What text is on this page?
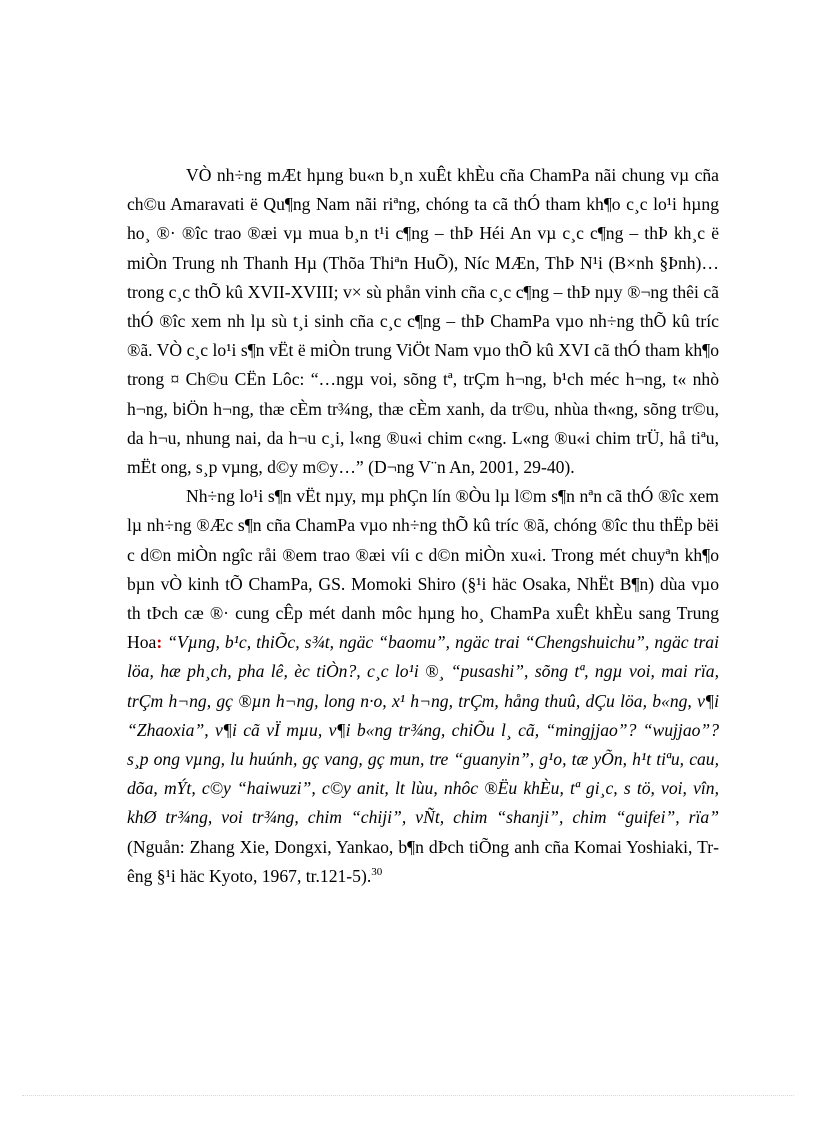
VÒ nh÷ng mÆt hµng bu«n b¸n xuÊt khÈu cña ChamPa nãi chung vµ cña ch©u Amaravati ë Qu¶ng Nam nãi riªng, chóng ta cã thÓ tham kh¶o c¸c lo¹i hµng ho¸ ®· ®îc trao ®æi vµ mua b¸n t¹i c¶ng – thÞ Héi An vµ c¸c c¶ng – thÞ kh¸c ë miÒn Trung nh Thanh Hµ (Thõa Thiªn HuÕ), Níc MÆn, ThÞ N¹i (B×nh §Þnh)…trong c¸c thÕ kû XVII-XVIII; v× sù phån vinh cña c¸c c¶ng – thÞ nµy ®¬ng thêi cã thÓ ®îc xem nh lµ sù t¸i sinh cña c¸c c¶ng – thÞ ChamPa vµo nh÷ng thÕ kû tríc ®ã. VÒ c¸c lo¹i s¶n vËt ë miÒn trung ViÖt Nam vµo thÕ kû XVI cã thÓ tham kh¶o trong ¤ Ch©u CËn Lôc: “…ngµ voi, sõng tª, trÇm h¬ng, b¹ch méc h¬ng, t« nhò h¬ng, biÖn h¬ng, thæ cÈm tr¾ng, thæ cÈm xanh, da tr©u, nhùa th«ng, sõng tr©u, da h¬u, nhung nai, da h¬u c¸i, l«ng ®u«i chim c«ng. L«ng ®u«i chim trÜ, hå tiªu, mËt ong, s¸p vµng, d©y m©y…” (D¬ng V¨n An, 2001, 29-40).

Nh÷ng lo¹i s¶n vËt nµy, mµ phÇn lín ®Òu lµ l©m s¶n nªn cã thÓ ®îc xem lµ nh÷ng ®Æc s¶n cña ChamPa vµo nh÷ng thÕ kû tríc ®ã, chóng ®îc thu thËp bëi c d©n miÒn ngîc råi ®em trao ®æi víi c d©n miÒn xu«i. Trong mét chuyªn kh¶o bµn vÒ kinh tÕ ChamPa, GS. Momoki Shiro (§¹i häc Osaka, NhËt B¶n) dùa vµo th tÞch cæ ®· cung cÊp mét danh môc hµng ho¸ ChamPa xuÊt khÈu sang Trung Hoa: “Vµng, b¹c, thiÕc, s¾t, ngäc “baomu”, ngäc trai “Chengshuichu”, ngäc trai löa, hæ ph¸ch, pha lê, èc tiÒn?, c¸c lo¹i ®¸ “pusashi”, sõng tª, ngµ voi, mai rïa, trÇm h¬ng, gç ®µn h¬ng, long n·o, x¹ h¬ng, trÇm, hång thuû, dÇu löa, b«ng, v¶i “Zhaoxia”, v¶i cã vÏ mµu, v¶i b«ng tr¾ng, chiÕu l¸ cã, “mingjjao”? “wujjao”? s¸p ong vµng, lu huúnh, gç vang, gç mun, tre “guanyin”, g¹o, tæ yÕn, h¹t tiªu, cau, dõa, mÝt, c©y “haiwuzi”, c©y anit, lt lùu, nhôc ®Ëu khÈu, tª gi¸c, s tö, voi, vîn, khØ tr¾ng, voi tr¾ng, chim “chiji”, vÑt, chim “shanji”, chim “guifei”, rïa” (Nguån: Zhang Xie, Dongxi, Yankao, b¶n dÞch tiÕng anh cña Komai Yoshiaki, Trêng §¹i häc Kyoto, 1967, tr.121-5).$^{30}$
